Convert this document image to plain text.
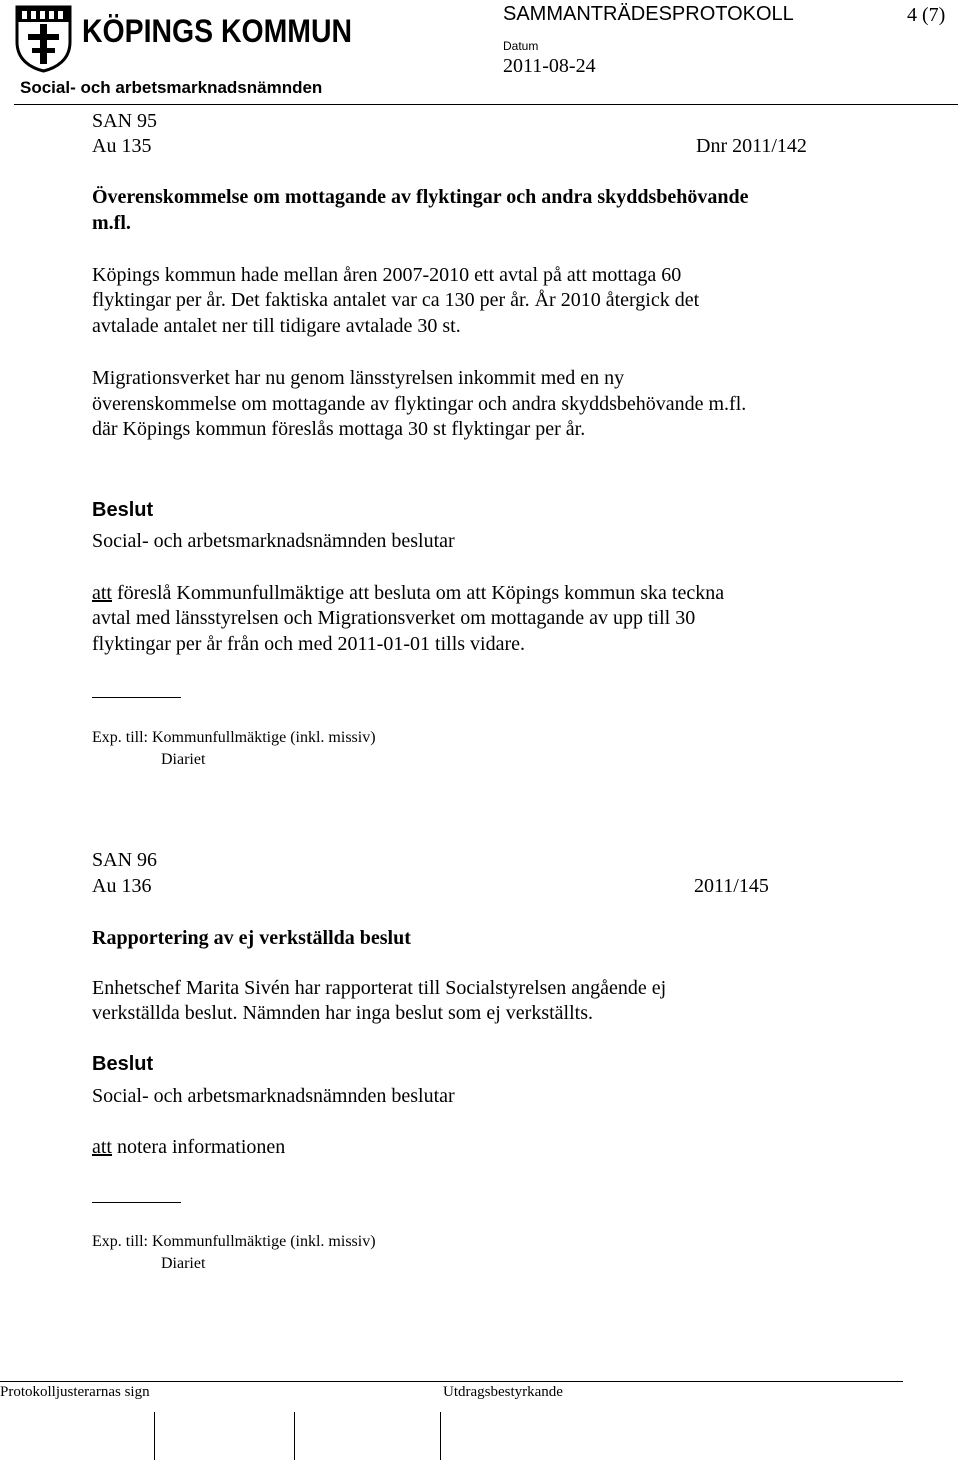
KÖPINGS KOMMUN	SAMMANTRÄDESPROTOKOLL	4 (7)
Datum
2011-08-24
Social- och arbetsmarknadsnämnden
SAN 95
Au 135	Dnr 2011/142
Överenskommelse om mottagande av flyktingar och andra skyddsbehövande
m.fl.
Köpings kommun hade mellan åren 2007-2010 ett avtal på att mottaga 60
flyktingar per år. Det faktiska antalet var ca 130 per år. År 2010 återgick det
avtalade antalet ner till tidigare avtalade 30 st.
Migrationsverket har nu genom länsstyrelsen inkommit med en ny
överenskommelse om mottagande av flyktingar och andra skyddsbehövande m.fl.
där Köpings kommun föreslås mottaga 30 st flyktingar per år.
Beslut
Social- och arbetsmarknadsnämnden beslutar
att föreslå Kommunfullmäktige att besluta om att Köpings kommun ska teckna
avtal med länsstyrelsen och Migrationsverket om mottagande av upp till 30
flyktingar per år från och med 2011-01-01 tills vidare.
Exp. till: Kommunfullmäktige (inkl. missiv)
Diariet
SAN 96
Au 136	2011/145
Rapportering av ej verkställda beslut
Enhetschef Marita Sivén har rapporterat till Socialstyrelsen angående ej
verkställda beslut. Nämnden har inga beslut som ej verkställts.
Beslut
Social- och arbetsmarknadsnämnden beslutar
att notera informationen
Exp. till: Kommunfullmäktige (inkl. missiv)
Diariet
Protokolljusterarnas sign	Utdragsbestyrkande
